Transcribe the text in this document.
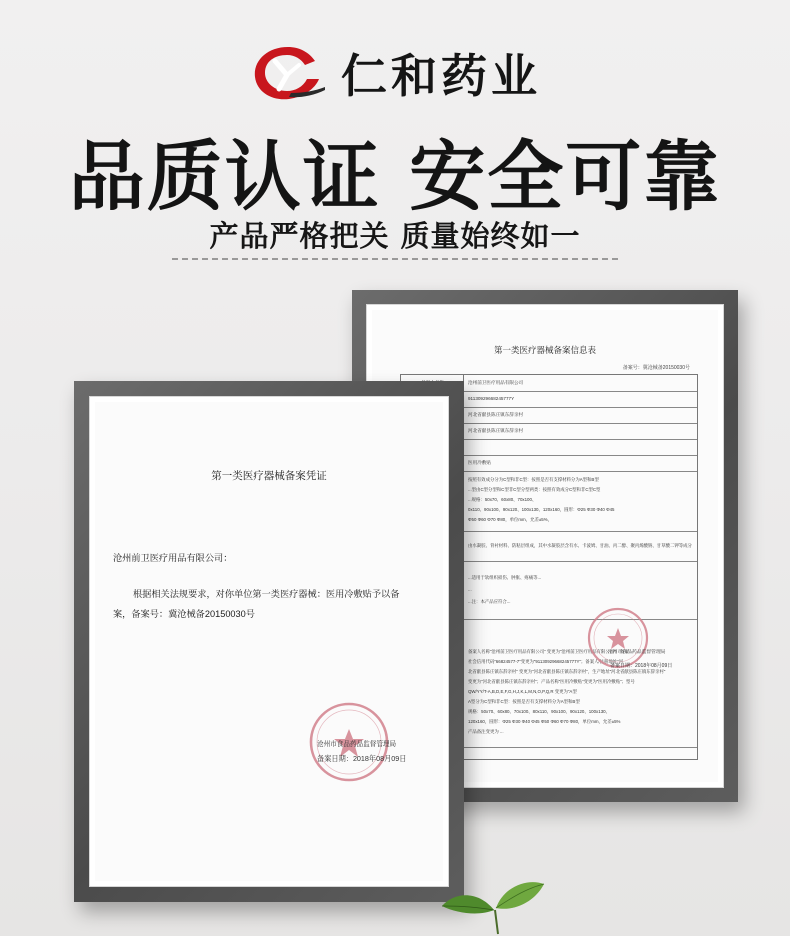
仁和药业
品质认证 安全可靠
产品严格把关 质量始终如一
第一类医疗器械备案信息表
备案号：冀沧械备20150030号
沧州前卫医疗用品有限公司
91130929668245777Y
河北省献县陈庄镇东辞亲村
河北省献县陈庄镇东辞亲村
医用冷敷贴
按照有效成分分为C型和非C型：按照是否有支撑材料分为A型和B型
...型由C型分型和C型非C型分型两类：按照有效成分C型和非C型C型
...规格：50x70、60x80、70x100、
0x110、90x100、90x120、100x130、120x160，圆形：Φ25 Φ30 Φ40 Φ45
Φ50 Φ60 Φ70 Φ80，单位mm，允差±5%，
由水凝胶、背衬材料、防粘层组成，其中水凝胶层含有水、卡波姆、甘油、丙二醇、聚丙烯酸钠、甘草酸二钾等成分
...适用于软组织损伤、肿胀、疼痛等...
...
...注：本产品应符合...
备案人名称“沧州前卫医疗用品有限公司” 变更为“沧州前卫医疗用品有限公司”；备案
社会信用代码“66824577-7”变更为“91130929668245777Y”；备案人/注册地址“河
北省献县陈庄镇东辞亲村” 变更为“河北省献县陈庄镇东辞亲村”，生产地址“河北省献县陈庄镇东辞亲村”
变更为“河北省献县陈庄镇东辞亲村”；产品名称“医用冷敷贴”变更为“医用冷敷贴”；型号
QW/YY/T-A,B,D,E,F,G,H,J,K,L,M,N,O,P,Q,R 变更为“A型
A型分为C型和非C型：按照是否有支撑材料分为A型和B型
规格：50x70、60x80、70x100、80x110、90x100、90x120、100x130、
120x160，圆形：Φ25 Φ30 Φ40 Φ45 Φ50 Φ60 Φ70 Φ80，单位mm，允差±5%
产品备注变更为 ...
沧州市食品药品监督管理局
备案日期：2018年08月09日
第一类医疗器械备案凭证
沧州前卫医疗用品有限公司：

根据相关法规要求，对你单位第一类医疗器械：医用冷敷贴予以备

案，备案号：冀沧械备20150030号

沧州市食品药品监督管理局
备案日期：2018年08月09日
